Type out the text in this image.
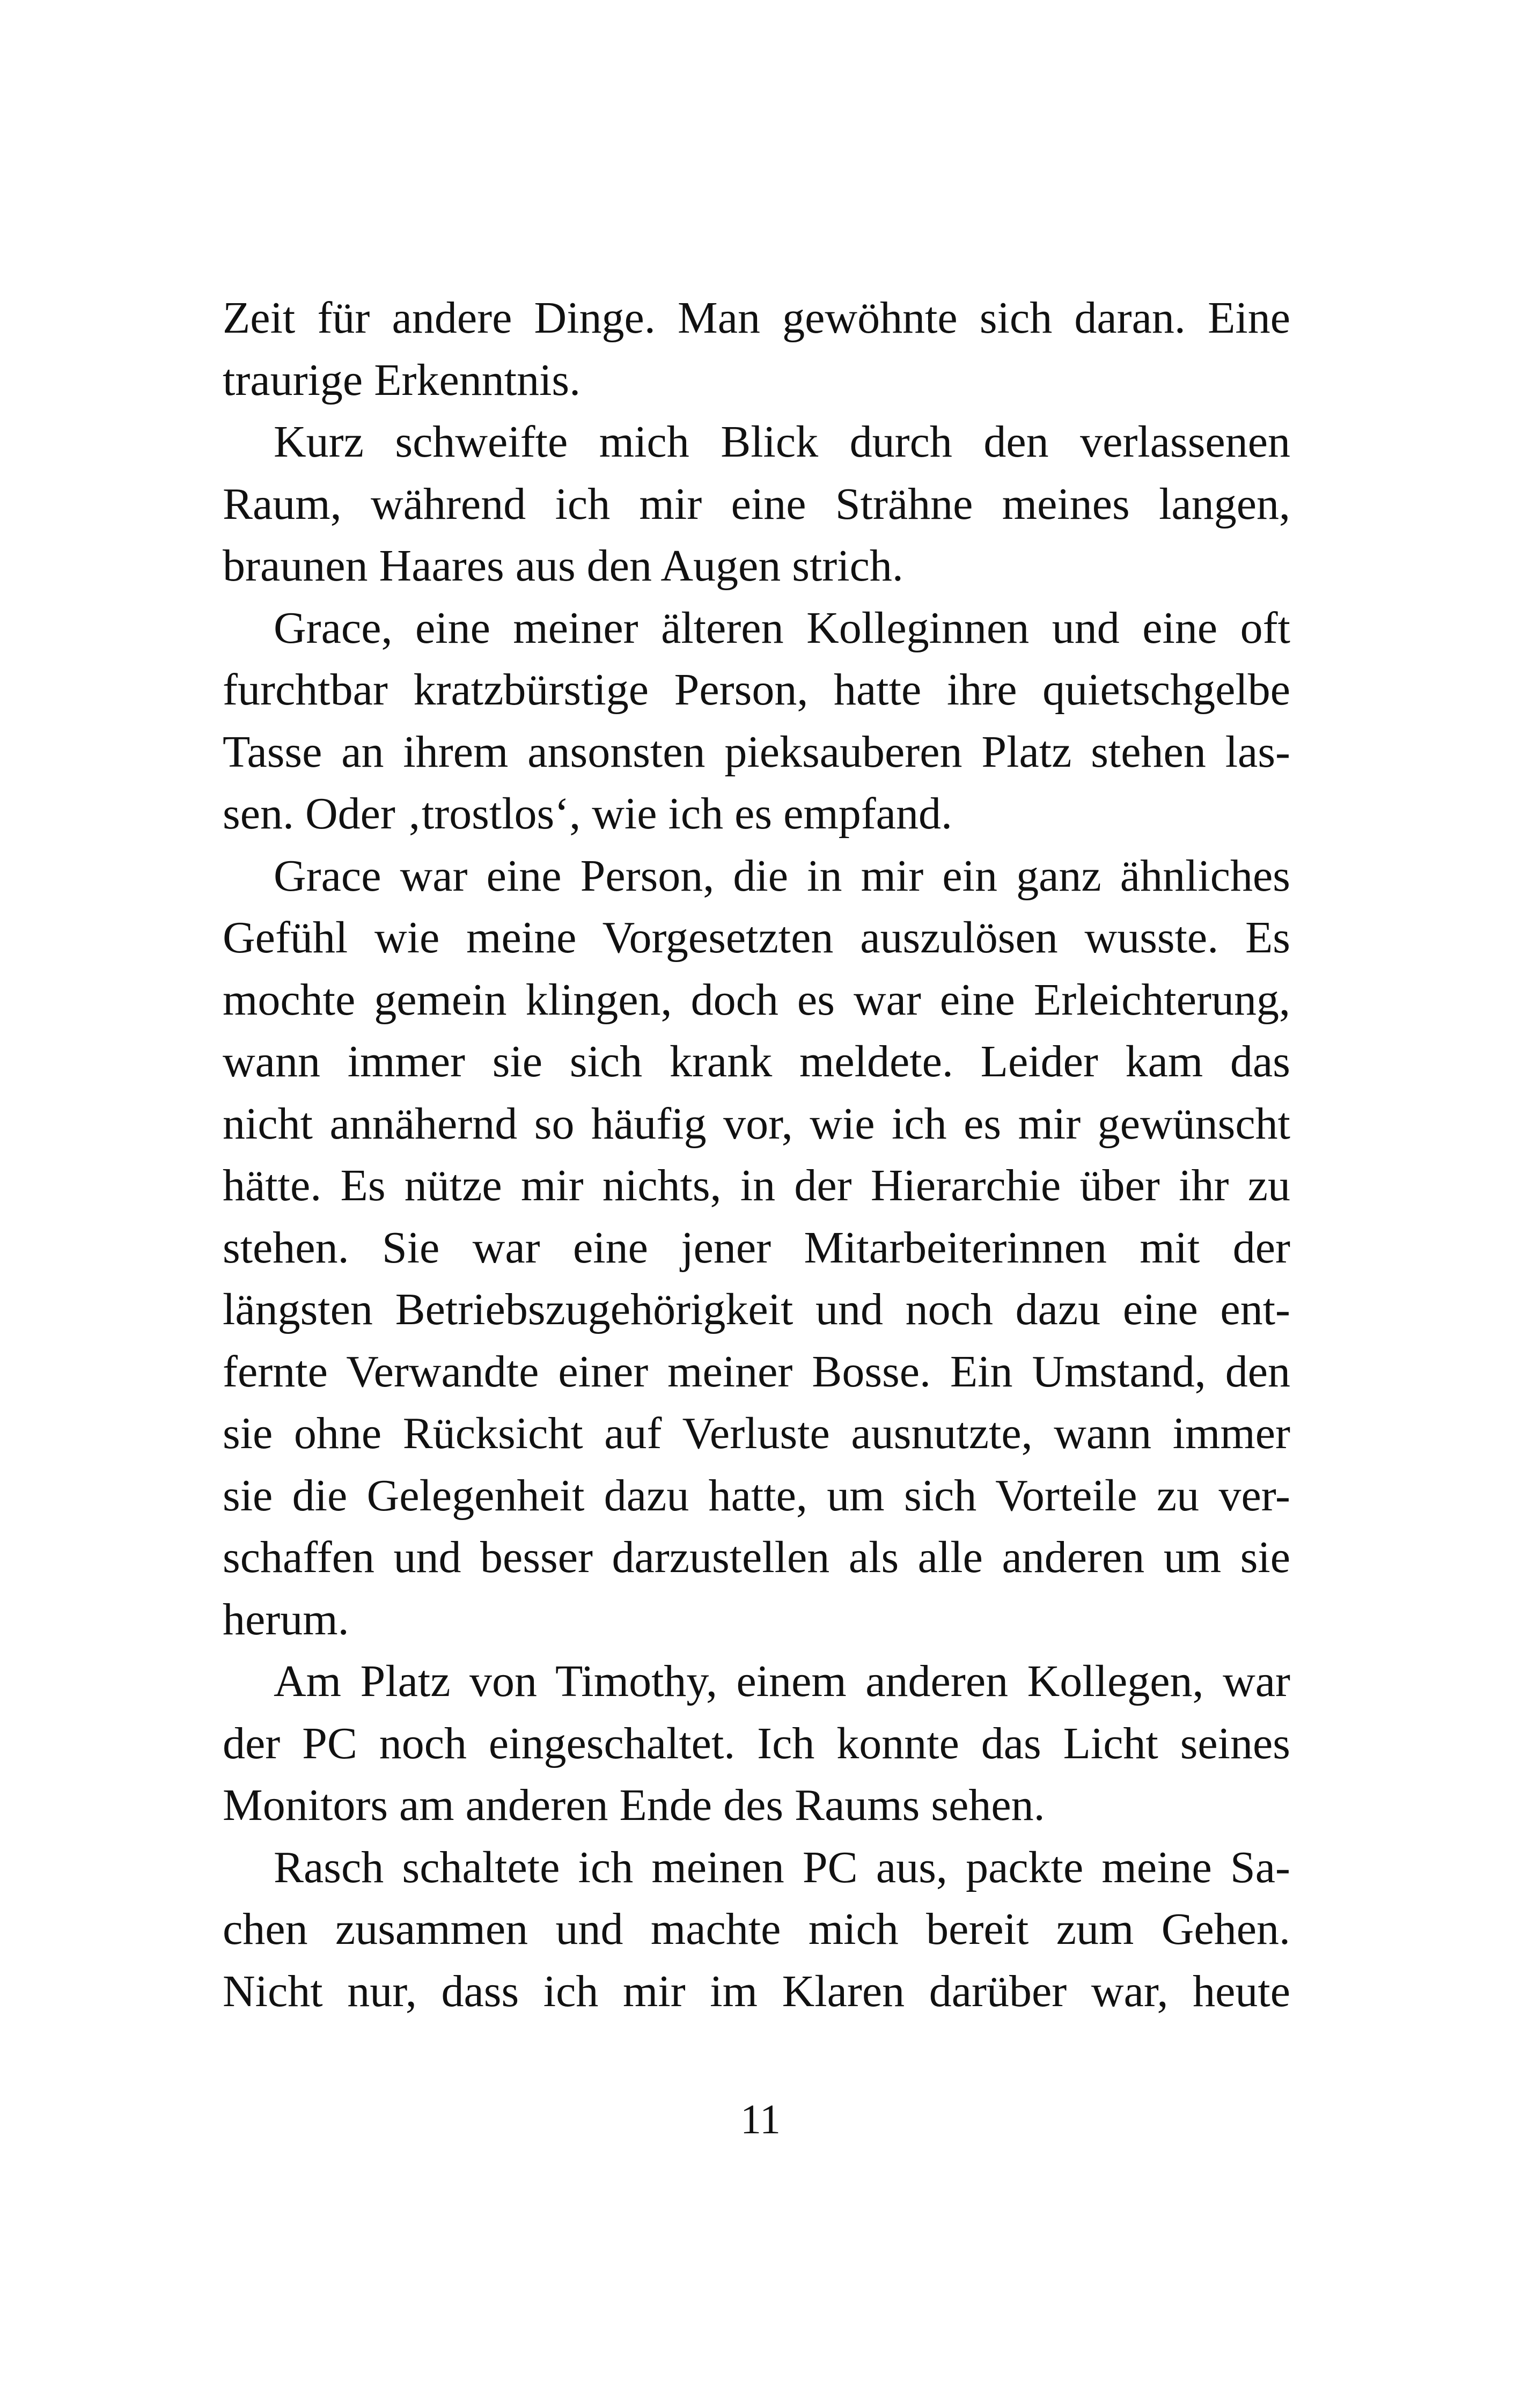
Zeit für andere Dinge. Man gewöhnte sich daran. Eine
traurige Erkenntnis.
Kurz schweifte mich Blick durch den verlassenen
Raum, während ich mir eine Strähne meines langen,
braunen Haares aus den Augen strich.
Grace, eine meiner älteren Kolleginnen und eine oft
furchtbar kratzbürstige Person, hatte ihre quietschgelbe
Tasse an ihrem ansonsten pieksauberen Platz stehen las-
sen. Oder ‚trostlos‘, wie ich es empfand.
Grace war eine Person, die in mir ein ganz ähnliches
Gefühl wie meine Vorgesetzten auszulösen wusste. Es
mochte gemein klingen, doch es war eine Erleichterung,
wann immer sie sich krank meldete. Leider kam das
nicht annähernd so häufig vor, wie ich es mir gewünscht
hätte. Es nütze mir nichts, in der Hierarchie über ihr zu
stehen. Sie war eine jener Mitarbeiterinnen mit der
längsten Betriebszugehörigkeit und noch dazu eine ent-
fernte Verwandte einer meiner Bosse. Ein Umstand, den
sie ohne Rücksicht auf Verluste ausnutzte, wann immer
sie die Gelegenheit dazu hatte, um sich Vorteile zu ver-
schaffen und besser darzustellen als alle anderen um sie
herum.
Am Platz von Timothy, einem anderen Kollegen, war
der PC noch eingeschaltet. Ich konnte das Licht seines
Monitors am anderen Ende des Raums sehen.
Rasch schaltete ich meinen PC aus, packte meine Sa-
chen zusammen und machte mich bereit zum Gehen.
Nicht nur, dass ich mir im Klaren darüber war, heute
11
